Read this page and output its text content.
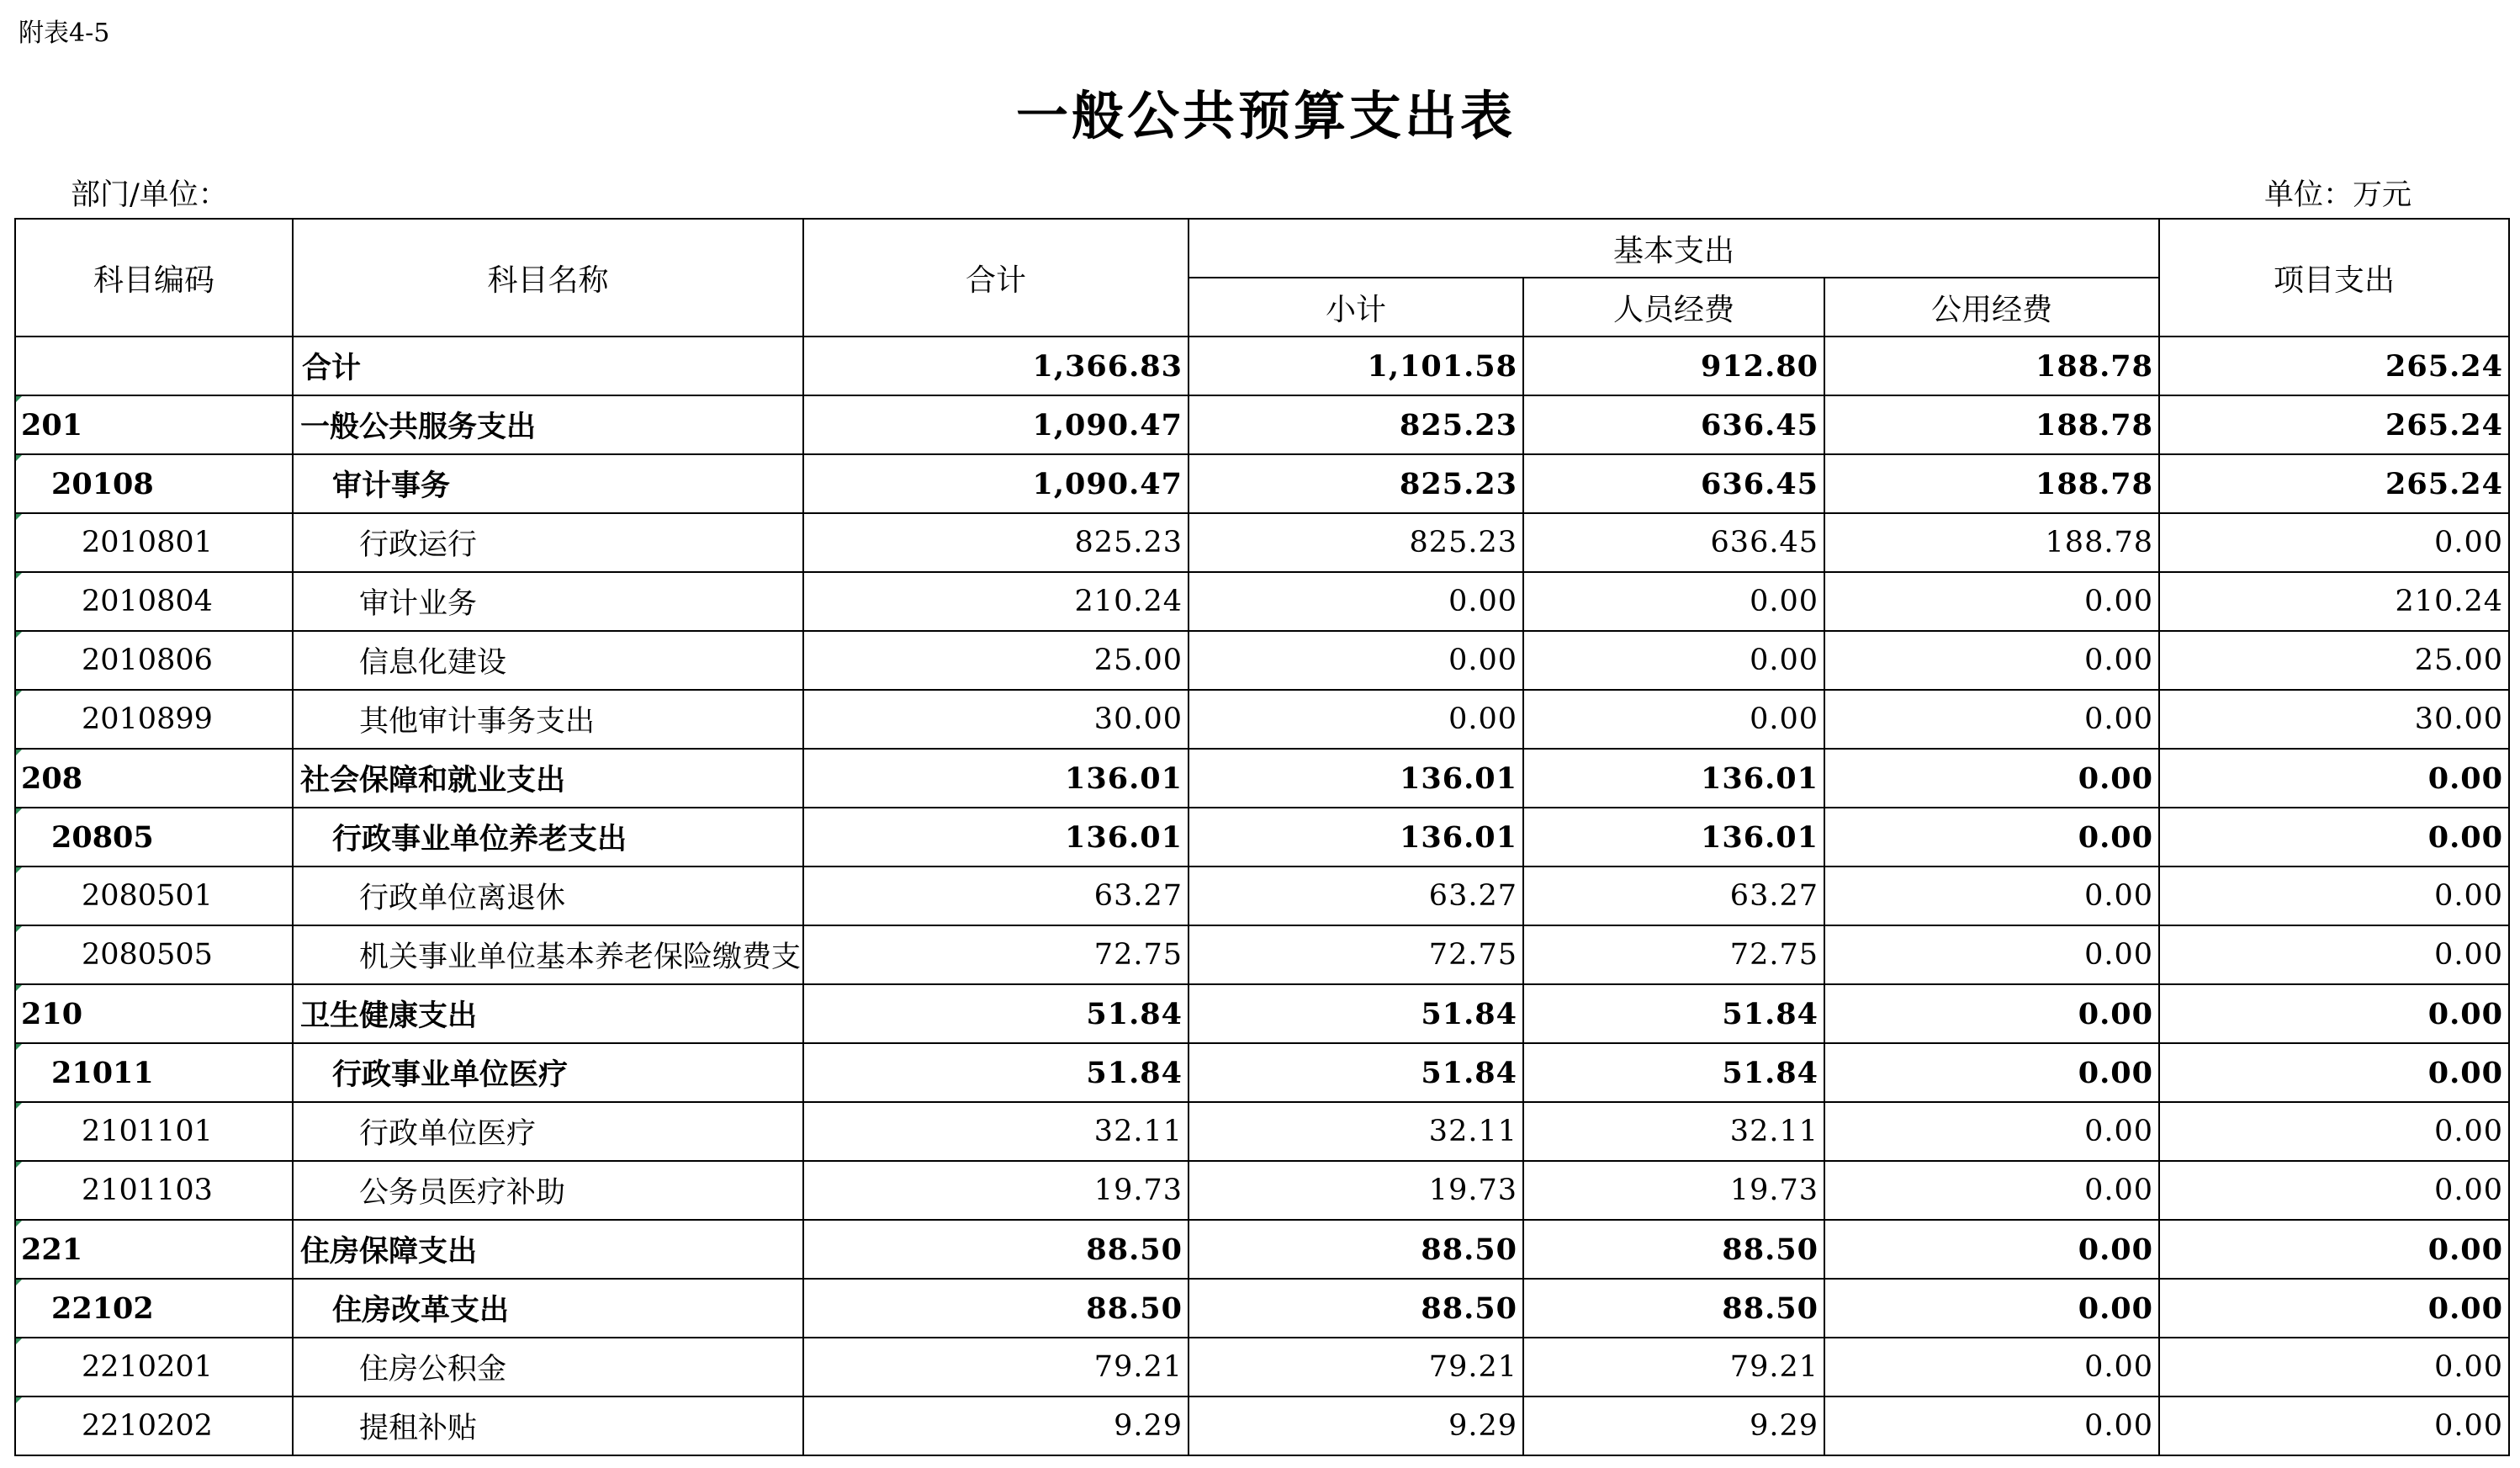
附表4-5
一般公共预算支出表
部门/单位：	单位：万元
科目编码	科目名称	合计	基本支出			项目支出
			小计	人员经费	公用经费	
	合计	1,366.83	1,101.58	912.80	188.78	265.24
201	一般公共服务支出	1,090.47	825.23	636.45	188.78	265.24
20108	审计事务	1,090.47	825.23	636.45	188.78	265.24
2010801	行政运行	825.23	825.23	636.45	188.78	0.00
2010804	审计业务	210.24	0.00	0.00	0.00	210.24
2010806	信息化建设	25.00	0.00	0.00	0.00	25.00
2010899	其他审计事务支出	30.00	0.00	0.00	0.00	30.00
208	社会保障和就业支出	136.01	136.01	136.01	0.00	0.00
20805	行政事业单位养老支出	136.01	136.01	136.01	0.00	0.00
2080501	行政单位离退休	63.27	63.27	63.27	0.00	0.00
2080505	机关事业单位基本养老保险缴费支	72.75	72.75	72.75	0.00	0.00
210	卫生健康支出	51.84	51.84	51.84	0.00	0.00
21011	行政事业单位医疗	51.84	51.84	51.84	0.00	0.00
2101101	行政单位医疗	32.11	32.11	32.11	0.00	0.00
2101103	公务员医疗补助	19.73	19.73	19.73	0.00	0.00
221	住房保障支出	88.50	88.50	88.50	0.00	0.00
22102	住房改革支出	88.50	88.50	88.50	0.00	0.00
2210201	住房公积金	79.21	79.21	79.21	0.00	0.00
2210202	提租补贴	9.29	9.29	9.29	0.00	0.00
